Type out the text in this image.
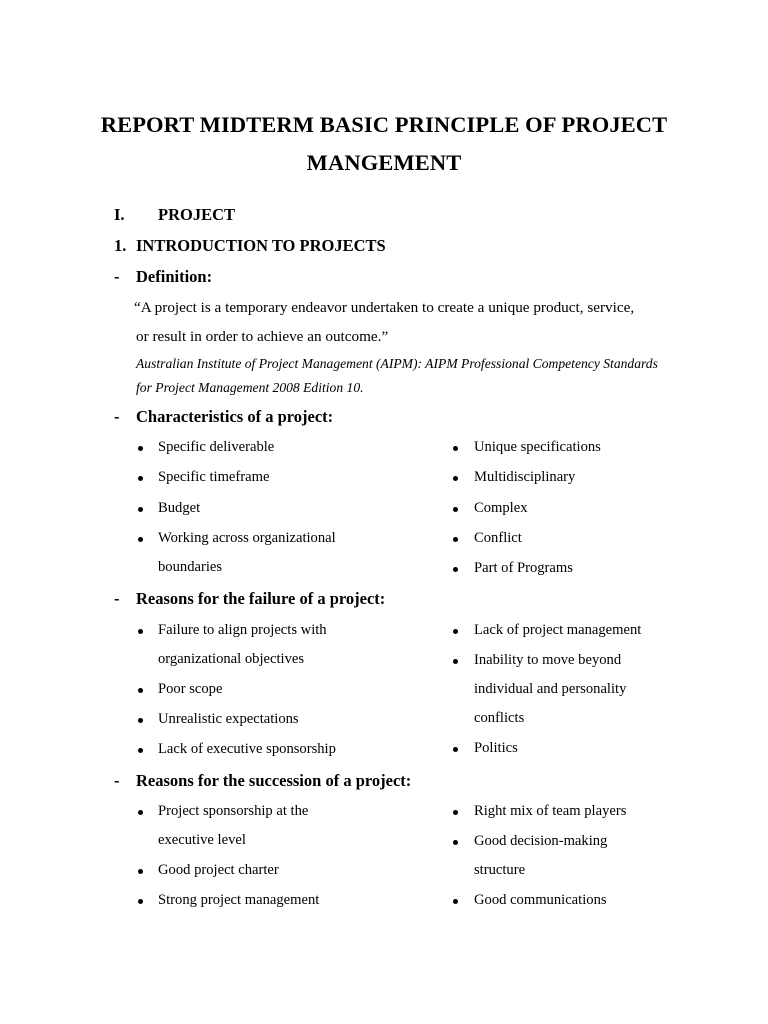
REPORT MIDTERM BASIC PRINCIPLE OF PROJECT
MANGEMENT
I. PROJECT
1. INTRODUCTION TO PROJECTS
- Definition:
“A project is a temporary endeavor undertaken to create a unique product, service,
or result in order to achieve an outcome.”
Australian Institute of Project Management (AIPM): AIPM Professional Competency Standards
for Project Management 2008 Edition 10.
- Characteristics of a project:
Specific deliverable
Specific timeframe
Budget
Working across organizational
boundaries
Unique specifications
Multidisciplinary
Complex
Conflict
Part of Programs
- Reasons for the failure of a project:
Failure to align projects with
organizational objectives
Poor scope
Unrealistic expectations
Lack of executive sponsorship
Lack of project management
Inability to move beyond
individual and personality
conflicts
Politics
- Reasons for the succession of a project:
Project sponsorship at the
executive level
Good project charter
Strong project management
Right mix of team players
Good decision-making
structure
Good communications
